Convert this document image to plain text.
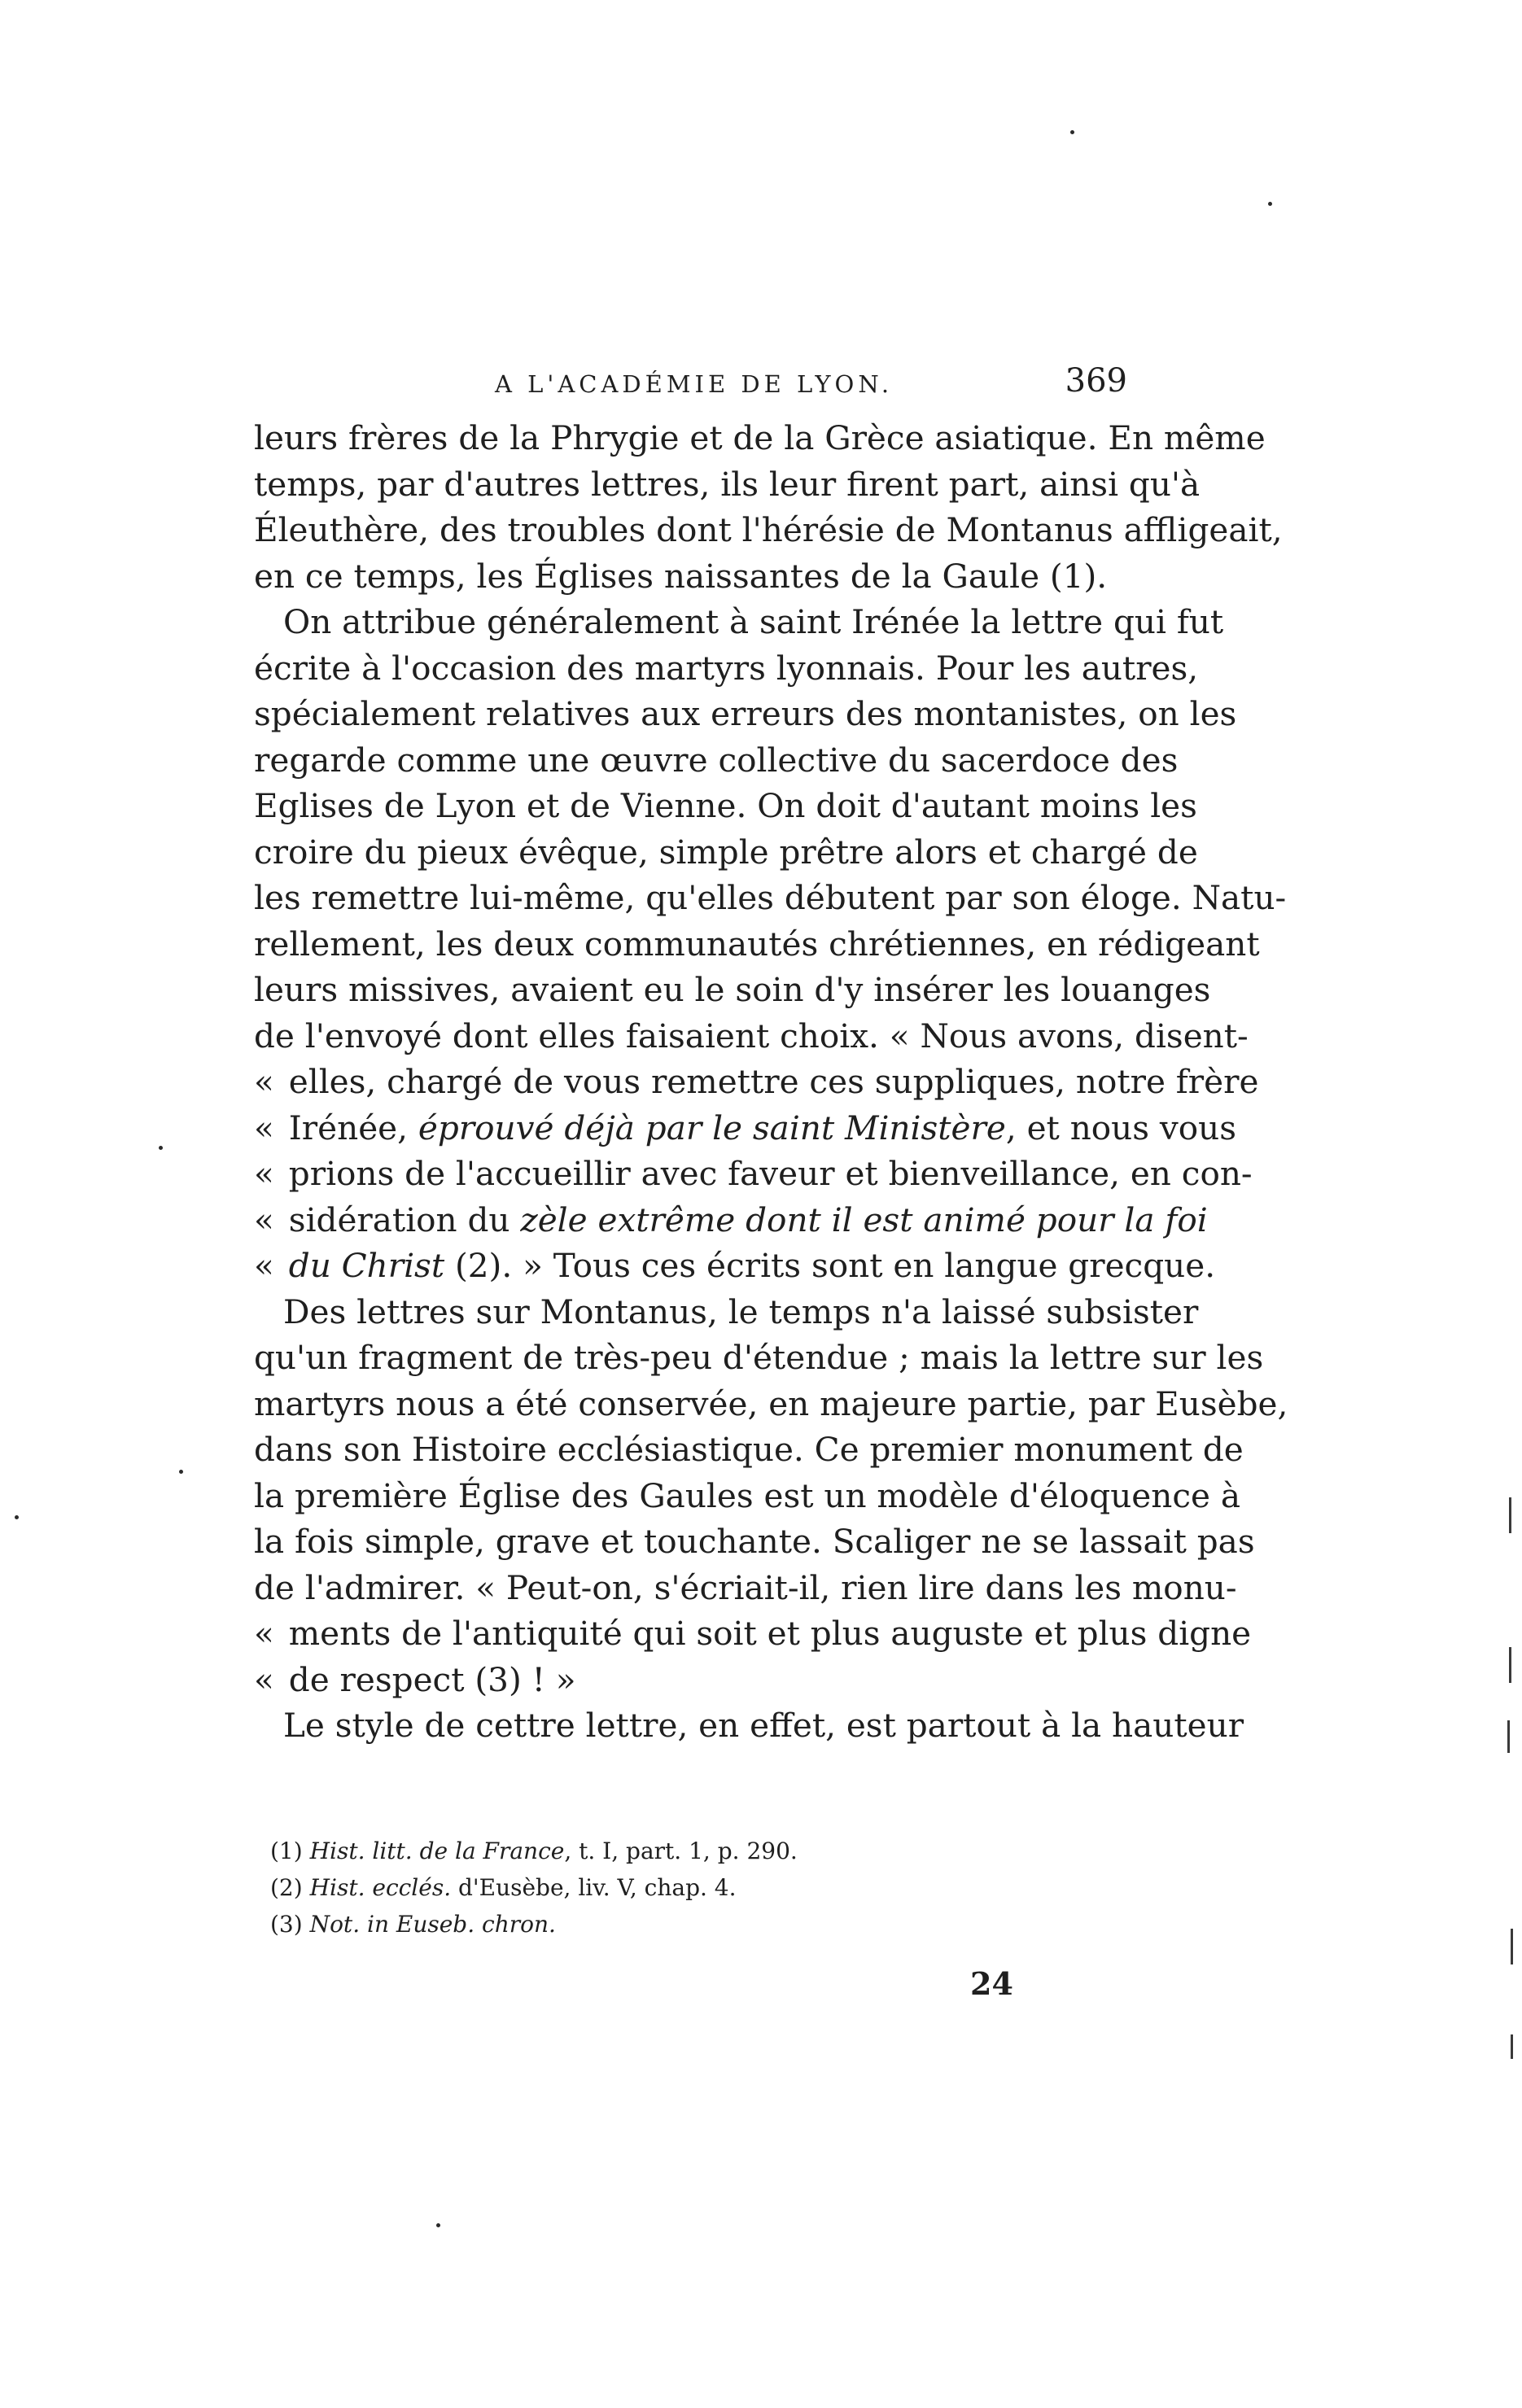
A L'ACADÉMIE DE LYON.	369
leurs frères de la Phrygie et de la Grèce asiatique. En même
temps, par d'autres lettres, ils leur firent part, ainsi qu'à
Éleuthère, des troubles dont l'hérésie de Montanus affligeait,
en ce temps, les Églises naissantes de la Gaule (1).
On attribue généralement à saint Irénée la lettre qui fut
écrite à l'occasion des martyrs lyonnais. Pour les autres,
spécialement relatives aux erreurs des montanistes, on les
regarde comme une œuvre collective du sacerdoce des
Eglises de Lyon et de Vienne. On doit d'autant moins les
croire du pieux évêque, simple prêtre alors et chargé de
les remettre lui-même, qu'elles débutent par son éloge. Natu-
rellement, les deux communautés chrétiennes, en rédigeant
leurs missives, avaient eu le soin d'y insérer les louanges
de l'envoyé dont elles faisaient choix. « Nous avons, disent-
« elles, chargé de vous remettre ces suppliques, notre frère
« Irénée, éprouvé déjà par le saint Ministère, et nous vous
« prions de l'accueillir avec faveur et bienveillance, en con-
« sidération du zèle extrême dont il est animé pour la foi
« du Christ (2). » Tous ces écrits sont en langue grecque.
Des lettres sur Montanus, le temps n'a laissé subsister
qu'un fragment de très-peu d'étendue ; mais la lettre sur les
martyrs nous a été conservée, en majeure partie, par Eusèbe,
dans son Histoire ecclésiastique. Ce premier monument de
la première Église des Gaules est un modèle d'éloquence à
la fois simple, grave et touchante. Scaliger ne se lassait pas
de l'admirer. « Peut-on, s'écriait-il, rien lire dans les monu-
« ments de l'antiquité qui soit et plus auguste et plus digne
« de respect (3) ! »
Le style de cettre lettre, en effet, est partout à la hauteur
(1) Hist. litt. de la France, t. I, part. 1, p. 290.
(2) Hist. ecclés. d'Eusèbe, liv. V, chap. 4.
(3) Not. in Euseb. chron.
24
